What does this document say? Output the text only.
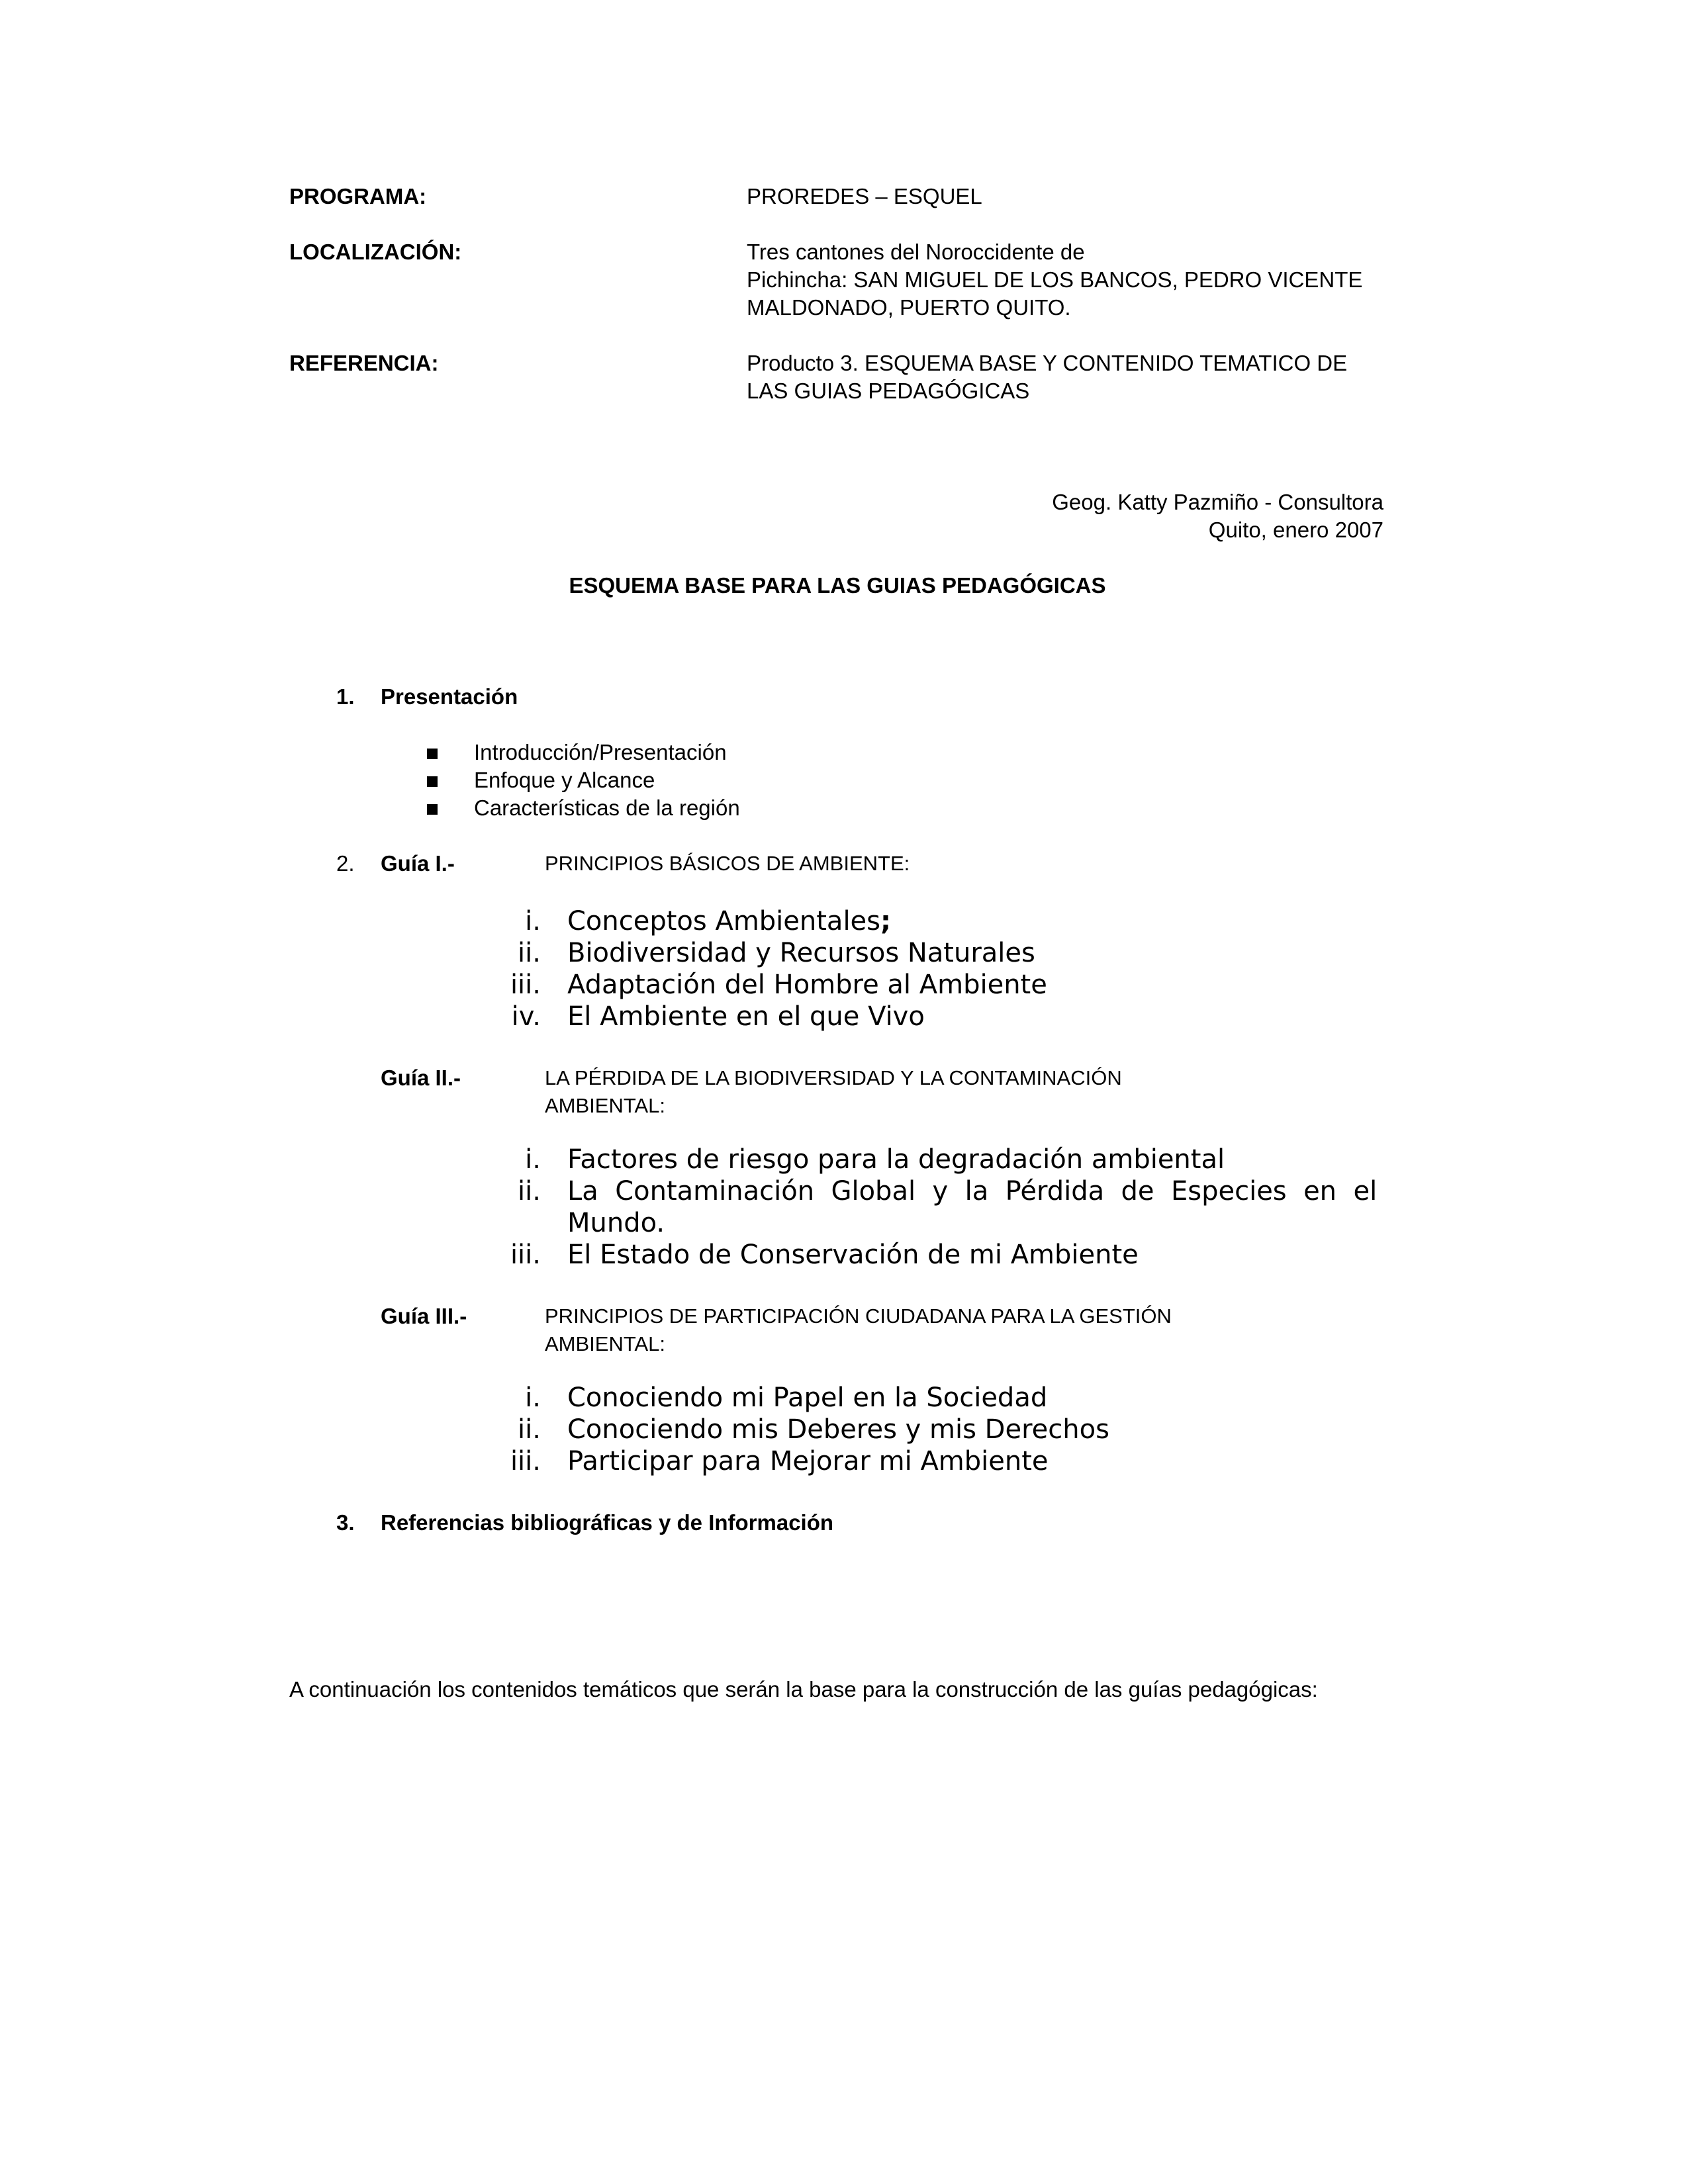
PROGRAMA:	PROREDES – ESQUEL
LOCALIZACIÓN:	Tres cantones del Noroccidente de
Pichincha: SAN MIGUEL DE LOS BANCOS, PEDRO VICENTE
MALDONADO, PUERTO QUITO.
REFERENCIA:	Producto 3. ESQUEMA BASE Y CONTENIDO TEMATICO DE
LAS GUIAS PEDAGÓGICAS
Geog. Katty Pazmiño - Consultora
Quito, enero 2007
ESQUEMA BASE PARA LAS GUIAS PEDAGÓGICAS
1. Presentación
Introducción/Presentación
Enfoque y Alcance
Características de la región
2. Guía I.-	PRINCIPIOS BÁSICOS DE AMBIENTE:
i. Conceptos Ambientales;
ii. Biodiversidad y Recursos Naturales
iii. Adaptación del Hombre al Ambiente
iv. El Ambiente en el que Vivo
Guía II.-	LA PÉRDIDA DE LA BIODIVERSIDAD Y LA CONTAMINACIÓN
AMBIENTAL:
i. Factores de riesgo para la degradación ambiental
ii. La  Contaminación  Global  y  la  Pérdida  de  Especies  en  el
Mundo.
iii. El Estado de Conservación de mi Ambiente
Guía III.-	PRINCIPIOS DE PARTICIPACIÓN CIUDADANA PARA LA GESTIÓN
AMBIENTAL:
i. Conociendo mi Papel en la Sociedad
ii. Conociendo mis Deberes y mis Derechos
iii. Participar para Mejorar mi Ambiente
3. Referencias bibliográficas y de Información
A continuación los contenidos temáticos que serán la base para la construcción de las guías pedagógicas:
